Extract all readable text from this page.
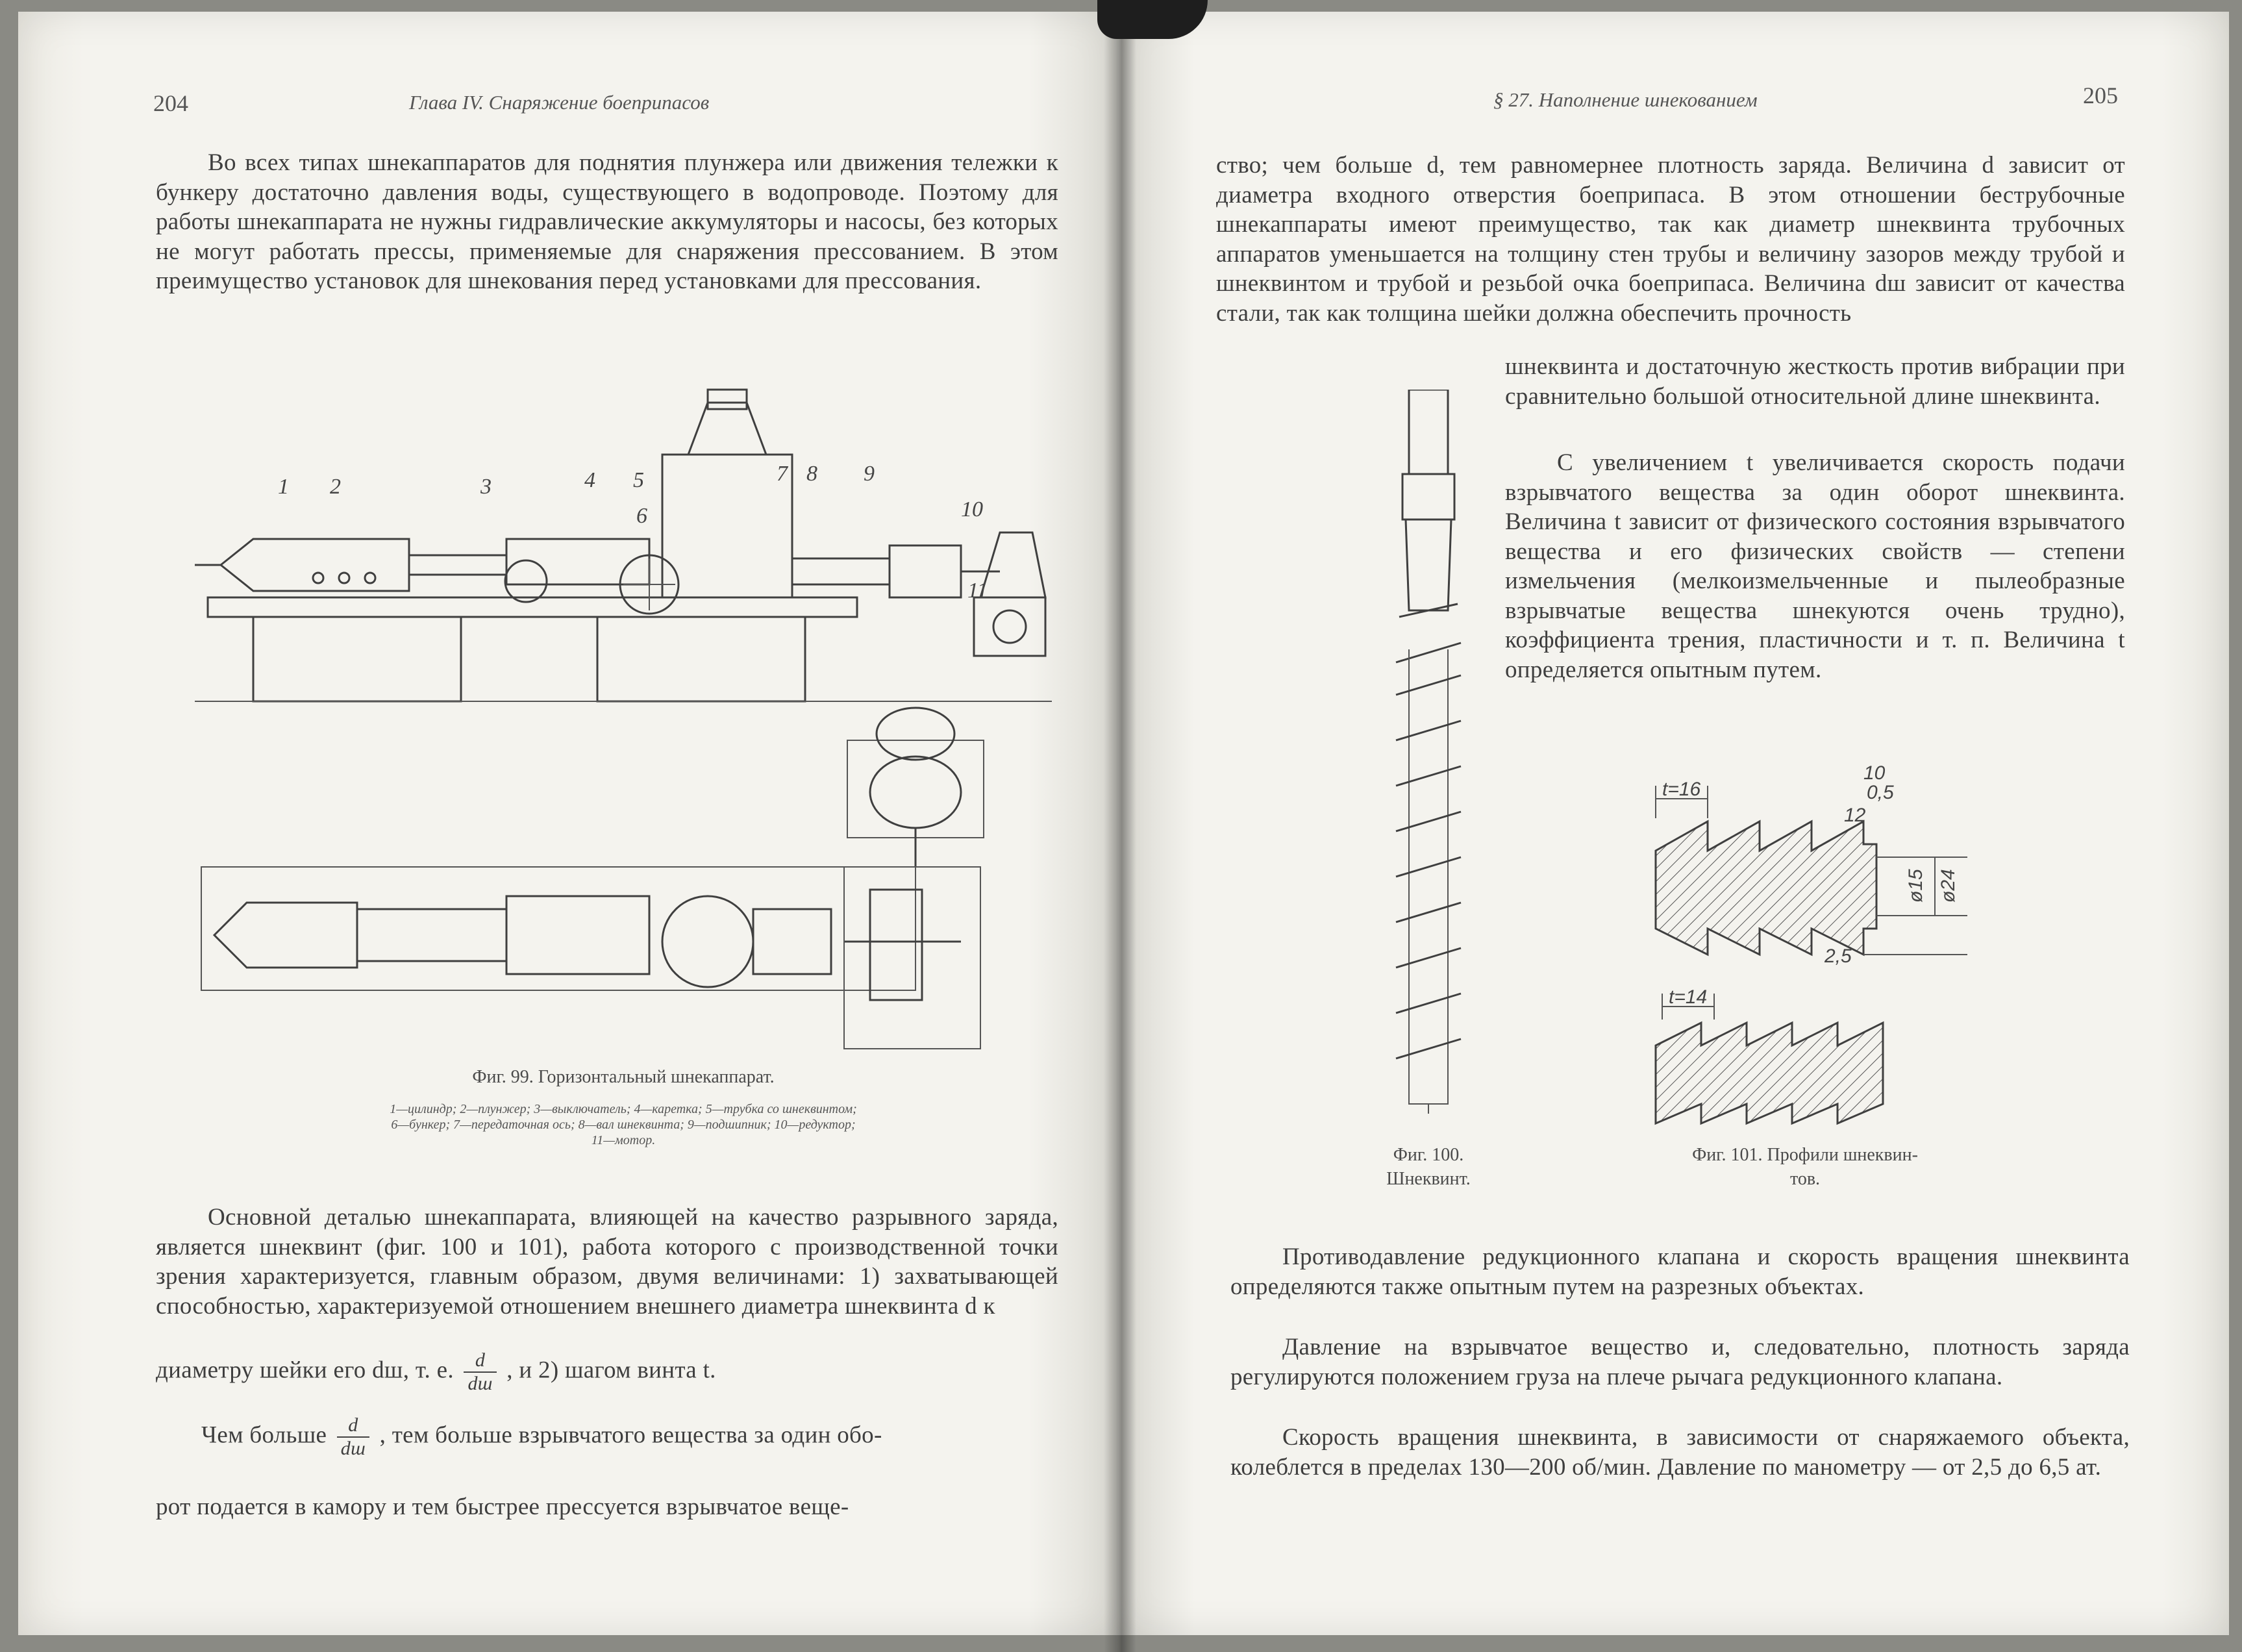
204	Глава IV. Снаряжение боеприпасов
Во всех типах шнекаппаратов для поднятия плунжера или движения тележки к бункеру достаточно давления воды, существующего в водопроводе. Поэтому для работы шнекаппарата не нужны гидравлические аккумуляторы и насосы, без которых не могут работать прессы, применяемые для снаряжения прессованием. В этом преимущество установок для шнекования перед установками для прессования.
1 2	3	4 5
6
7 8 9
10
11
Фиг. 99. Горизонтальный шнекаппарат.
1—цилиндр; 2—плунжер; 3—выключатель; 4—каретка; 5—трубка со шнеквинтом;
6—бункер; 7—передаточная ось; 8—вал шнеквинта; 9—подшипник; 10—редуктор;
11—мотор.
Основной деталью шнекаппарата, влияющей на качество разрывного заряда, является шнеквинт (фиг. 100 и 101), работа которого с производственной точки зрения характеризуется, главным образом, двумя величинами: 1) захватывающей способностью, характеризуемой отношением внешнего диаметра шнеквинта d к
диаметру шейки его dш, т. е. $\frac{d}{dш}$ , и 2) шагом винта t.
Чем больше $\frac{d}{dш}$ , тем больше взрывчатого вещества за один обо-
рот подается в камору и тем быстрее прессуется взрывчатое веще-
§ 27. Наполнение шнекованием	205
ство; чем больше d, тем равномернее плотность заряда. Величина d зависит от диаметра входного отверстия боеприпаса. В этом отношении беструбочные шнекаппараты имеют преимущество, так как диаметр шнеквинта трубочных аппаратов уменьшается на толщину стен трубы и величину зазоров между трубой и шнеквинтом и трубой и резьбой очка боеприпаса. Величина dш зависит от качества стали, так как толщина шейки должна обеспечить прочность
шнеквинта и достаточную жесткость против вибрации при сравнительно большой относительной длине шнеквинта.
С увеличением t увеличивается скорость подачи взрывчатого вещества за один оборот шнеквинта. Величина t зависит от физического состояния взрывчатого вещества и его физических свойств — степени измельчения (мелкоизмельченные и пылеобразные взрывчатые вещества шнекуются очень трудно), коэффициента трения, пластичности и т. п. Величина t определяется опытным путем.
Фиг. 100.
Шнеквинт.
t=16
10
12
0,5
ø15 ø24
2,5
t=14
Фиг. 101. Профили шнеквин-
тов.
Противодавление редукционного клапана и скорость вращения шнеквинта определяются также опытным путем на разрезных объектах.
Давление на взрывчатое вещество и, следовательно, плотность заряда регулируются положением груза на плече рычага редукционного клапана.
Скорость вращения шнеквинта, в зависимости от снаряжаемого объекта, колеблется в пределах 130—200 об/мин. Давление по манометру — от 2,5 до 6,5 ат.
